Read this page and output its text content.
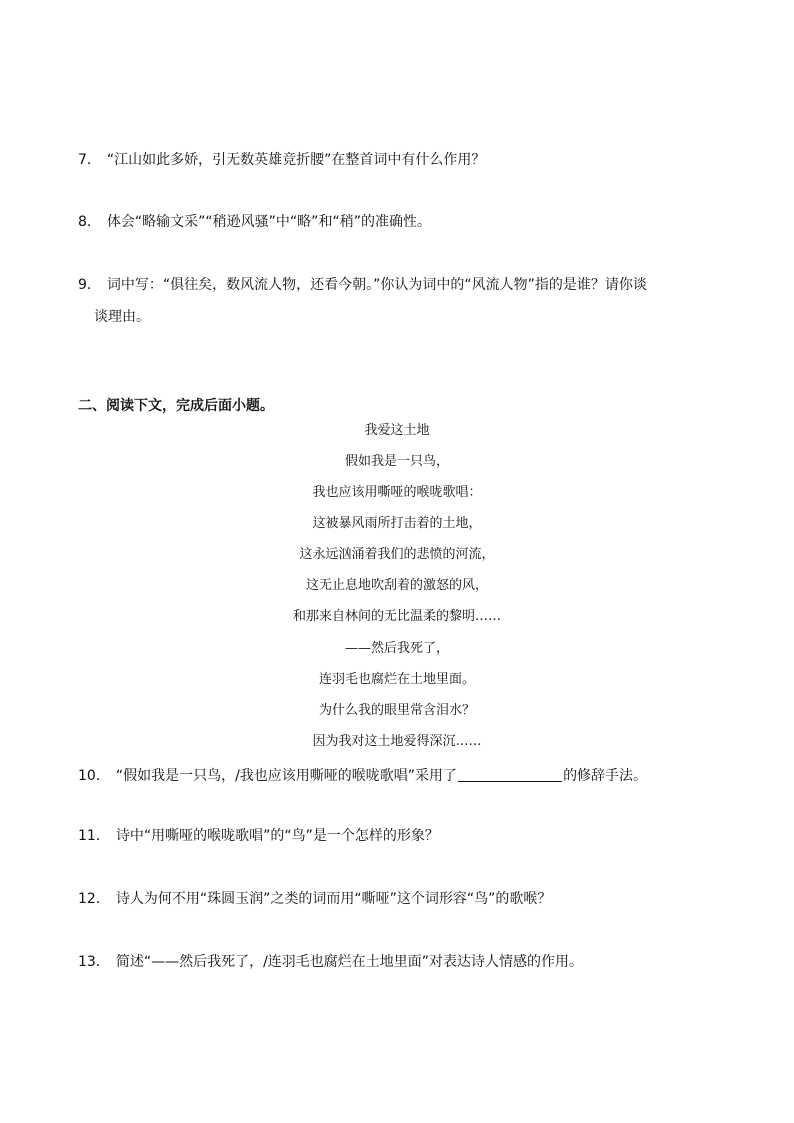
7． “江山如此多娇，引无数英雄竞折腰”在整首词中有什么作用？
8． 体会“略输文采”“稍逊风骚”中“略”和“稍”的准确性。
9． 词中写：“俱往矣，数风流人物，还看今朝。”你认为词中的“风流人物”指的是谁？请你谈
谈理由。
二、阅读下文，完成后面小题。
我爱这土地
假如我是一只鸟，
我也应该用嘶哑的喉咙歌唱：
这被暴风雨所打击着的土地，
这永远汹涌着我们的悲愤的河流，
这无止息地吹刮着的激怒的风，
和那来自林间的无比温柔的黎明……
——然后我死了，
连羽毛也腐烂在土地里面。
为什么我的眼里常含泪水？
因为我对这土地爱得深沉……
10． “假如我是一只鸟，/我也应该用嘶哑的喉咙歌唱”采用了	的修辞手法。
11． 诗中“用嘶哑的喉咙歌唱”的“鸟”是一个怎样的形象？
12． 诗人为何不用“珠圆玉润”之类的词而用“嘶哑”这个词形容“鸟”的歌喉？
13． 简述“——然后我死了，/连羽毛也腐烂在土地里面”对表达诗人情感的作用。
